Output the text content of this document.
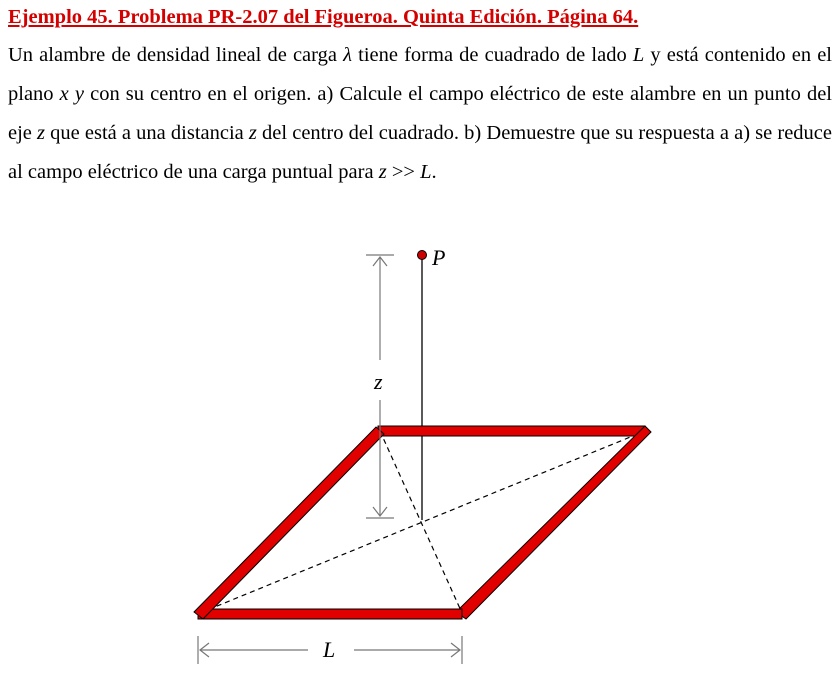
Ejemplo 45. Problema PR-2.07 del Figueroa. Quinta Edición. Página 64.
Un alambre de densidad lineal de carga λ tiene forma de cuadrado de lado L y está contenido en el plano x y con su centro en el origen. a) Calcule el campo eléctrico de este alambre en un punto del eje z que está a una distancia z del centro del cuadrado. b) Demuestre que su respuesta a a) se reduce al campo eléctrico de una carga puntual para z >> L.
P
z
L
